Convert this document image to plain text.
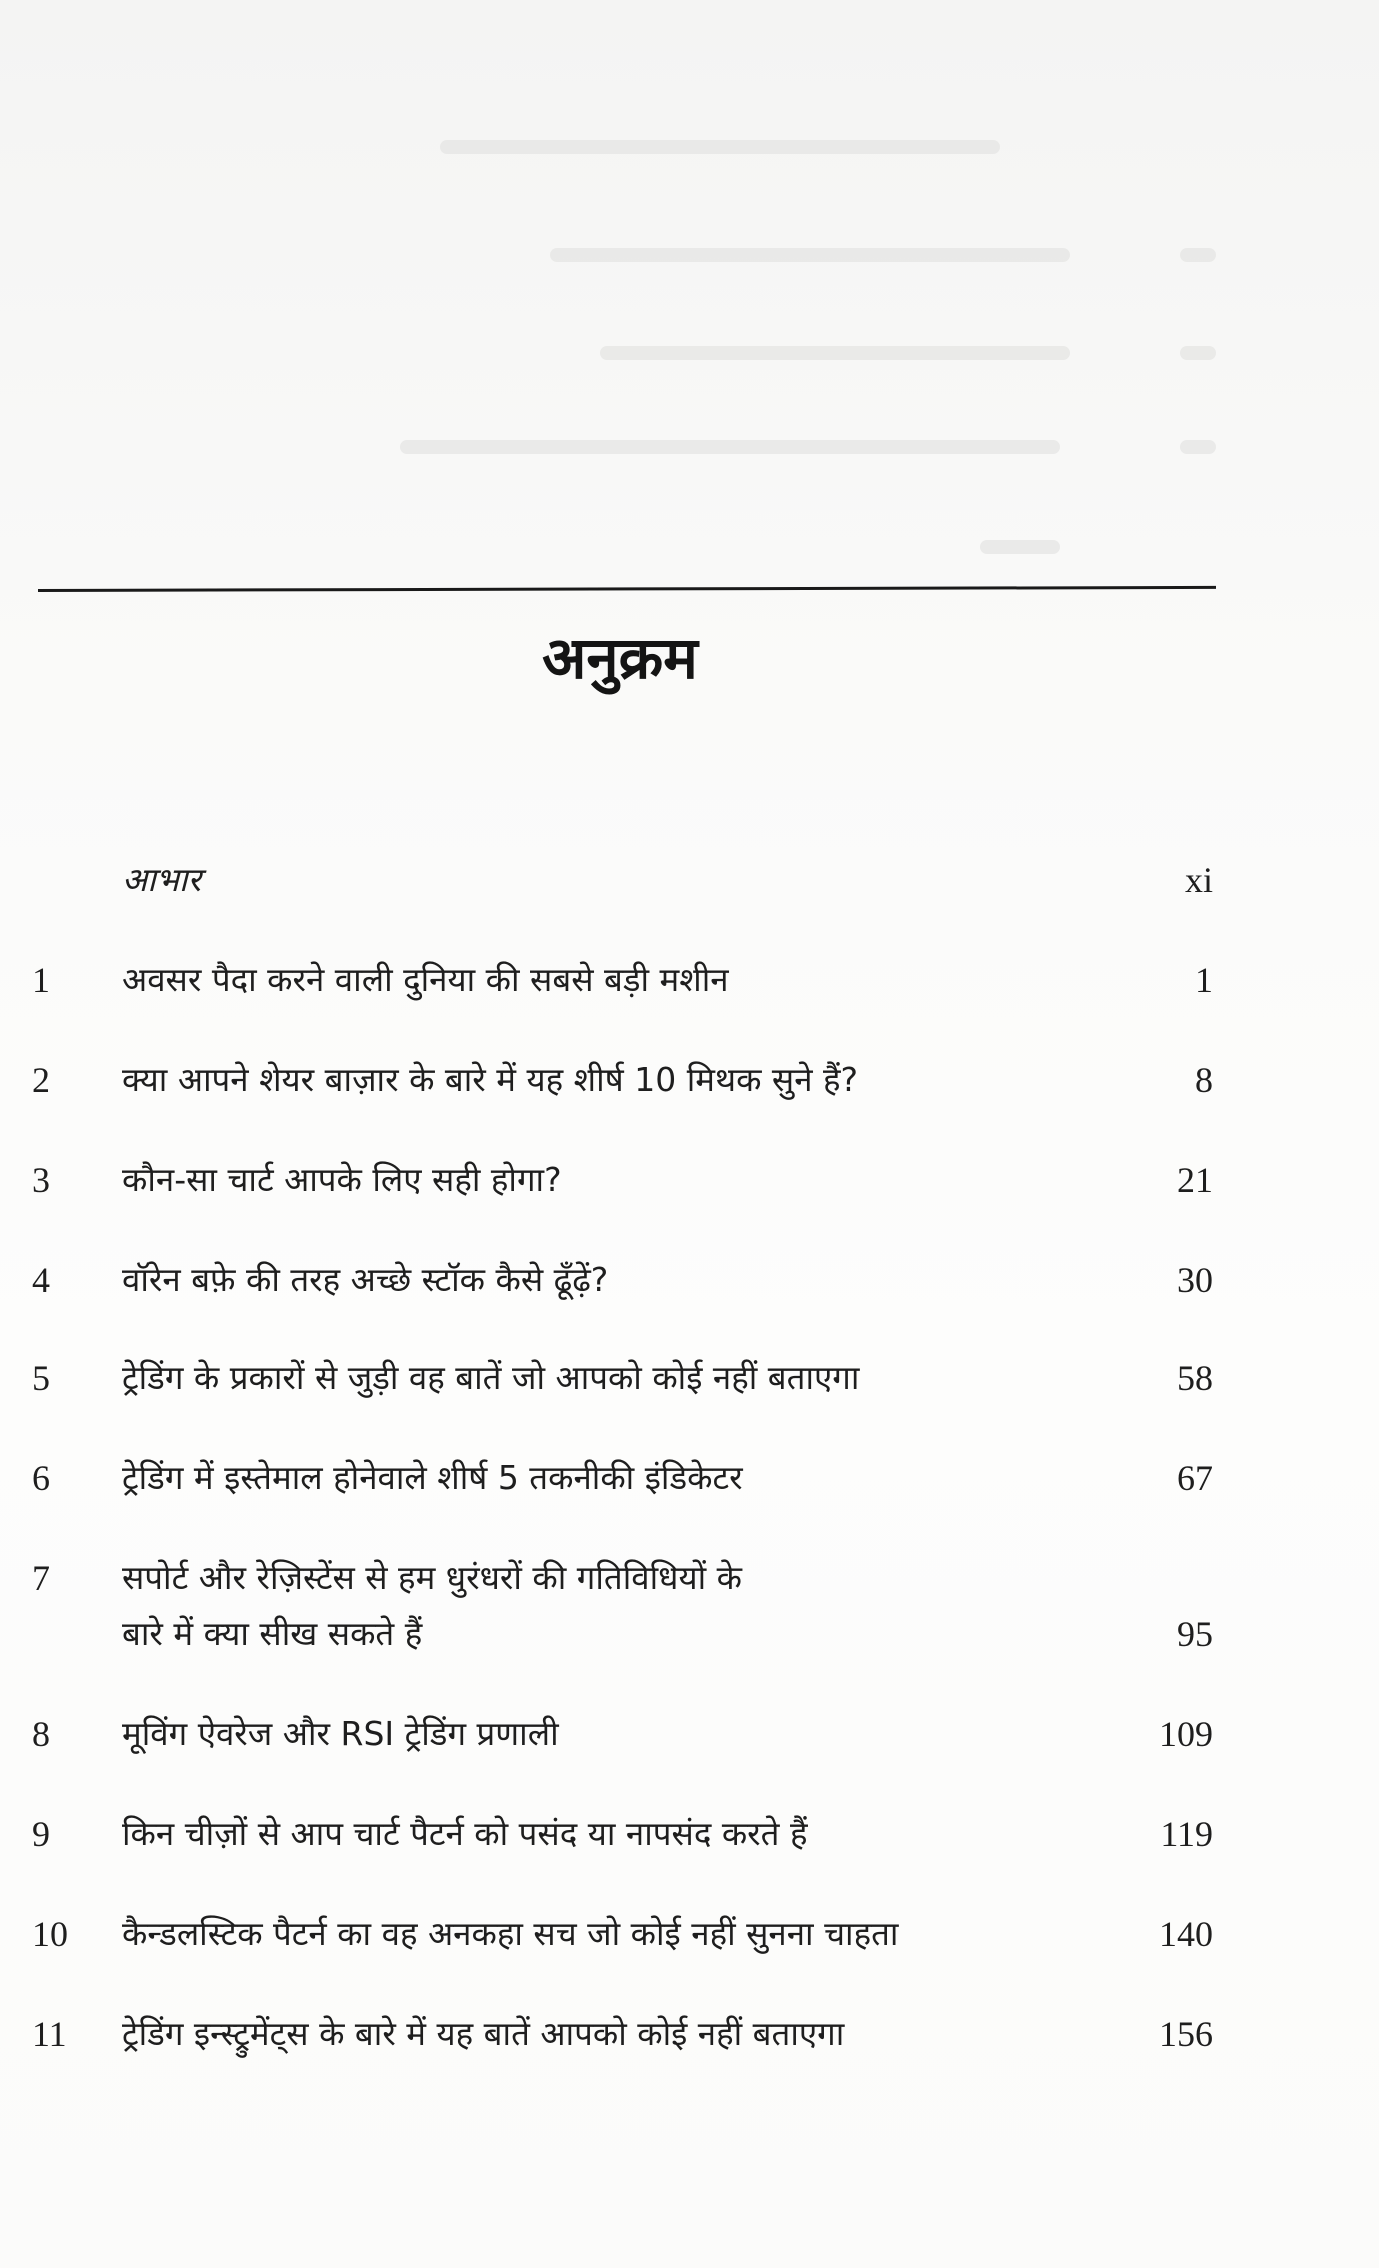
अनुक्रम
आभार	xi
1	अवसर पैदा करने वाली दुनिया की सबसे बड़ी मशीन	1
2	क्या आपने शेयर बाज़ार के बारे में यह शीर्ष 10 मिथक सुने हैं?	8
3	कौन-सा चार्ट आपके लिए सही होगा?	21
4	वॉरेन बफ़े की तरह अच्छे स्टॉक कैसे ढूँढ़ें?	30
5	ट्रेडिंग के प्रकारों से जुड़ी वह बातें जो आपको कोई नहीं बताएगा	58
6	ट्रेडिंग में इस्तेमाल होनेवाले शीर्ष 5 तकनीकी इंडिकेटर	67
7	सपोर्ट और रेज़िस्टेंस से हम धुरंधरों की गतिविधियों के
बारे में क्या सीख सकते हैं	95
8	मूविंग ऐवरेज और RSI ट्रेडिंग प्रणाली	109
9	किन चीज़ों से आप चार्ट पैटर्न को पसंद या नापसंद करते हैं	119
10	कैन्डलस्टिक पैटर्न का वह अनकहा सच जो कोई नहीं सुनना चाहता	140
11	ट्रेडिंग इन्स्ट्रुमेंट्स के बारे में यह बातें आपको कोई नहीं बताएगा	156
